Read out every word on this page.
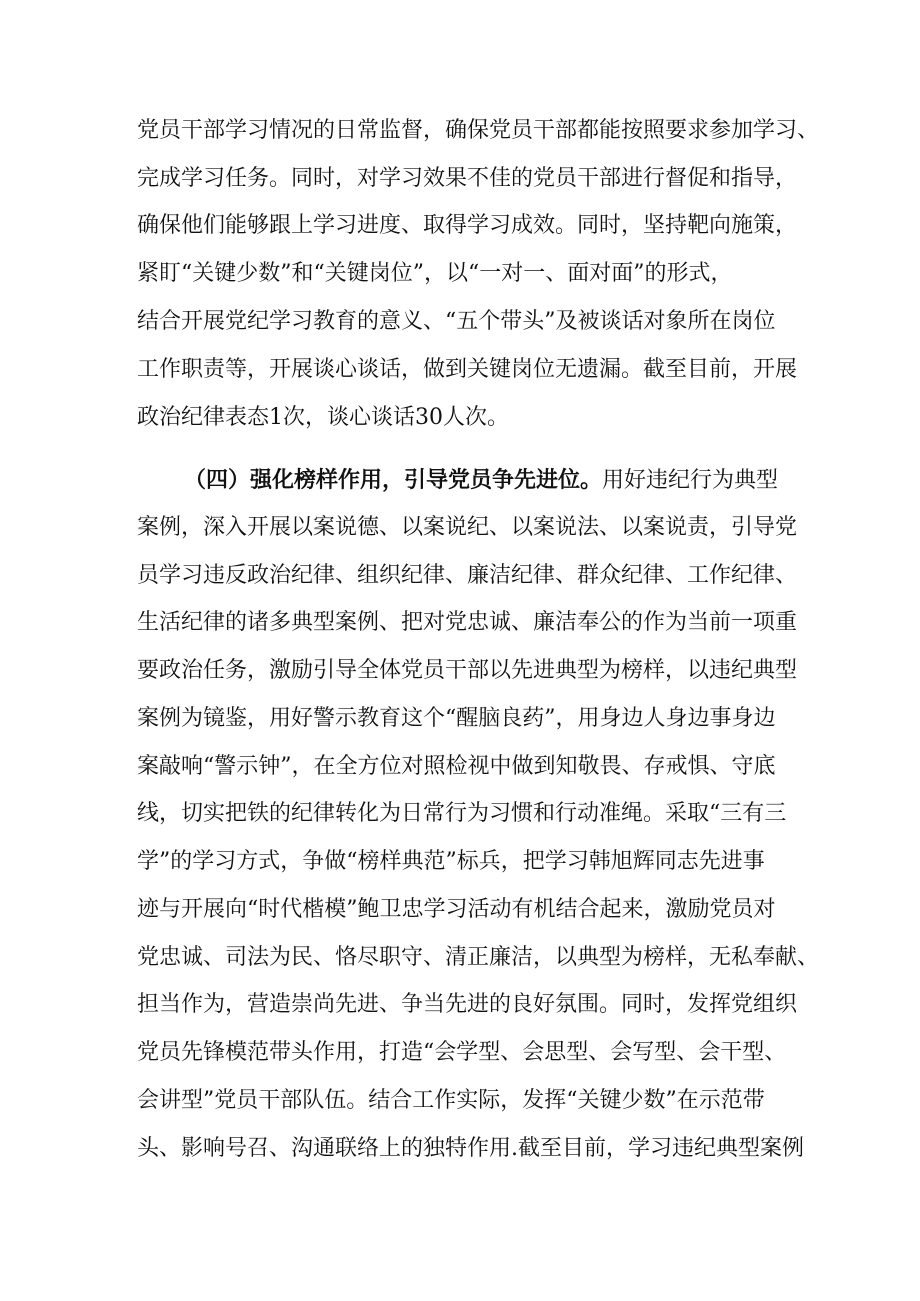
党员干部学习情况的日常监督，确保党员干部都能按照要求参加学习、
完成学习任务。同时，对学习效果不佳的党员干部进行督促和指导，
确保他们能够跟上学习进度、取得学习成效。同时，坚持靶向施策，
紧盯“关键少数”和“关键岗位”，以“一对一、面对面”的形式，
结合开展党纪学习教育的意义、“五个带头”及被谈话对象所在岗位
工作职责等，开展谈心谈话，做到关键岗位无遗漏。截至目前，开展
政治纪律表态1次，谈心谈话30人次。
（四）强化榜样作用，引导党员争先进位。用好违纪行为典型
案例，深入开展以案说德、以案说纪、以案说法、以案说责，引导党
员学习违反政治纪律、组织纪律、廉洁纪律、群众纪律、工作纪律、
生活纪律的诸多典型案例、把对党忠诚、廉洁奉公的作为当前一项重
要政治任务，激励引导全体党员干部以先进典型为榜样，以违纪典型
案例为镜鉴，用好警示教育这个“醒脑良药”，用身边人身边事身边
案敲响“警示钟”，在全方位对照检视中做到知敬畏、存戒惧、守底
线，切实把铁的纪律转化为日常行为习惯和行动准绳。采取“三有三
学”的学习方式，争做“榜样典范”标兵，把学习韩旭辉同志先进事
迹与开展向“时代楷模”鲍卫忠学习活动有机结合起来，激励党员对
党忠诚、司法为民、恪尽职守、清正廉洁，以典型为榜样，无私奉献、
担当作为，营造崇尚先进、争当先进的良好氛围。同时，发挥党组织
党员先锋模范带头作用，打造“会学型、会思型、会写型、会干型、
会讲型”党员干部队伍。结合工作实际，发挥“关键少数”在示范带
头、影响号召、沟通联络上的独特作用.截至目前，学习违纪典型案例
